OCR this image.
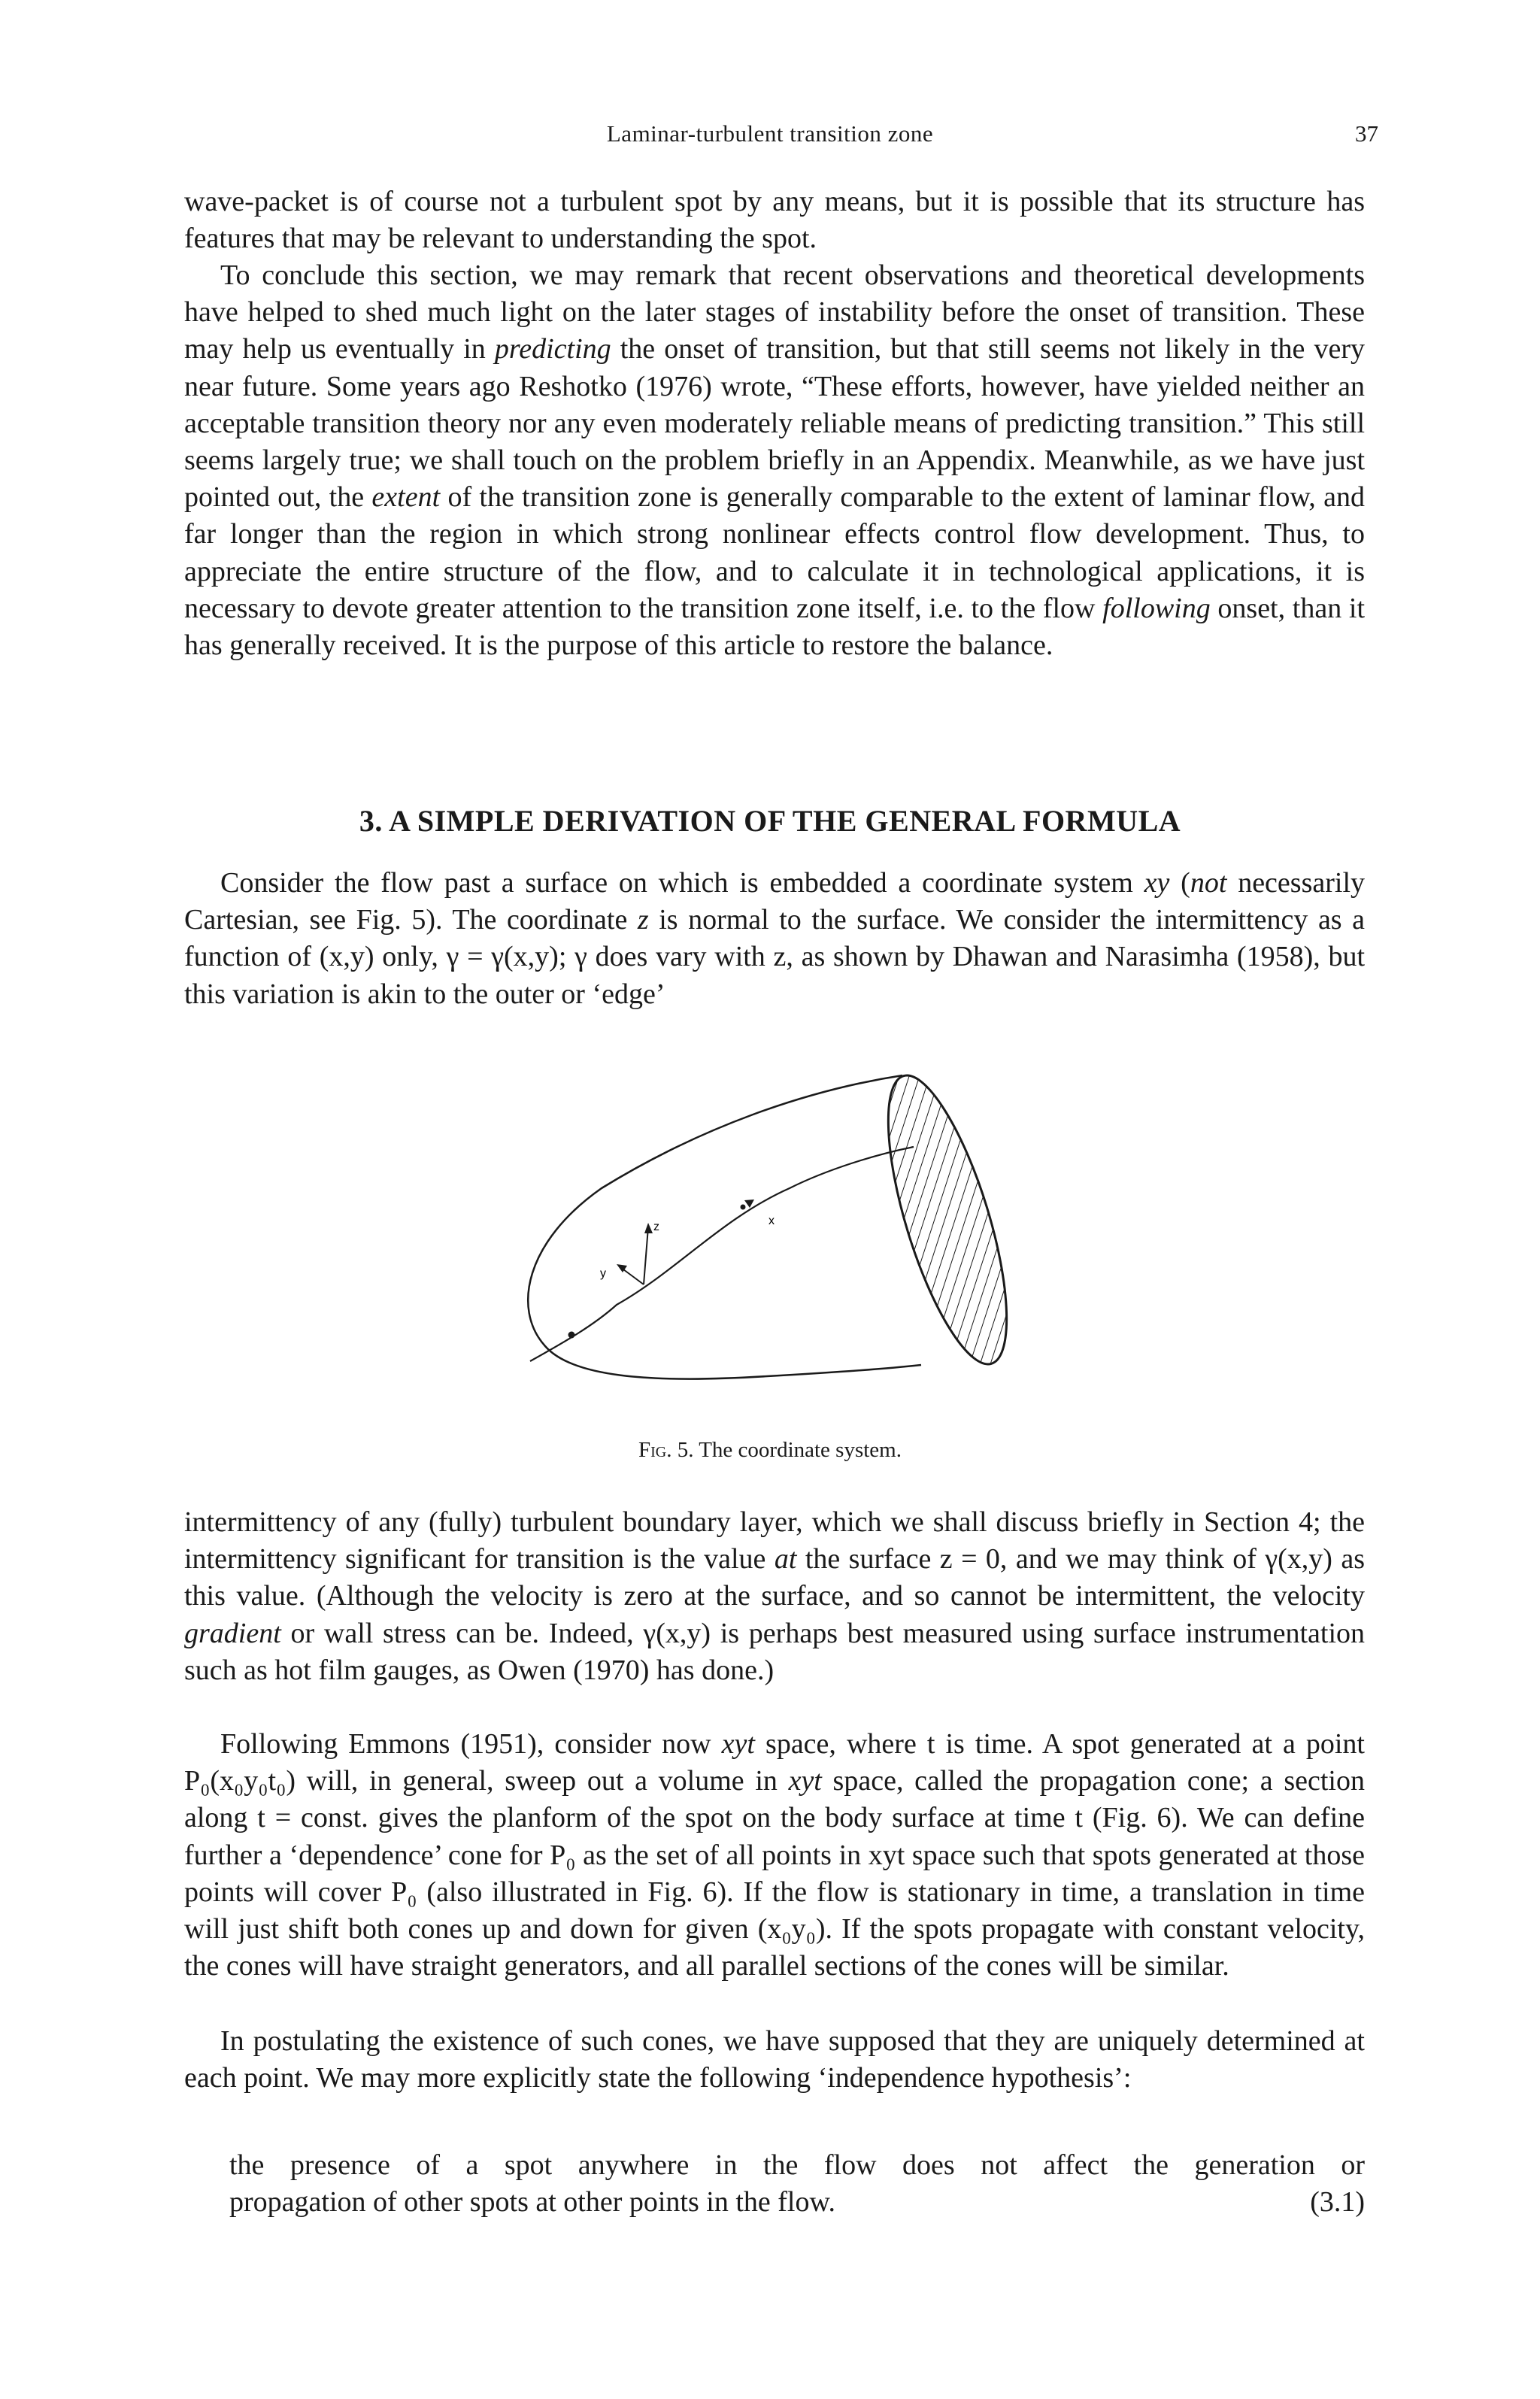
Laminar-turbulent transition zone	37

wave-packet is of course not a turbulent spot by any means, but it is possible that its structure has features that may be relevant to understanding the spot.

To conclude this section, we may remark that recent observations and theoretical developments have helped to shed much light on the later stages of instability before the onset of transition. These may help us eventually in predicting the onset of transition, but that still seems not likely in the very near future. Some years ago Reshotko (1976) wrote, “These efforts, however, have yielded neither an acceptable transition theory nor any even moderately reliable means of predicting transition.” This still seems largely true; we shall touch on the problem briefly in an Appendix. Meanwhile, as we have just pointed out, the extent of the transition zone is generally comparable to the extent of laminar flow, and far longer than the region in which strong nonlinear effects control flow development. Thus, to appreciate the entire structure of the flow, and to calculate it in technological applications, it is necessary to devote greater attention to the transition zone itself, i.e. to the flow following onset, than it has generally received. It is the purpose of this article to restore the balance.

3. A SIMPLE DERIVATION OF THE GENERAL FORMULA

Consider the flow past a surface on which is embedded a coordinate system xy (not necessarily Cartesian, see Fig. 5). The coordinate z is normal to the surface. We consider the intermittency as a function of (x,y) only, γ = γ(x,y); γ does vary with z, as shown by Dhawan and Narasimha (1958), but this variation is akin to the outer or ‘edge’

z
y
x
Fig. 5. The coordinate system.

intermittency of any (fully) turbulent boundary layer, which we shall discuss briefly in Section 4; the intermittency significant for transition is the value at the surface z = 0, and we may think of γ(x,y) as this value. (Although the velocity is zero at the surface, and so cannot be intermittent, the velocity gradient or wall stress can be. Indeed, γ(x,y) is perhaps best measured using surface instrumentation such as hot film gauges, as Owen (1970) has done.)

Following Emmons (1951), consider now xyt space, where t is time. A spot generated at a point P₀(x₀y₀t₀) will, in general, sweep out a volume in xyt space, called the propagation cone; a section along t = const. gives the planform of the spot on the body surface at time t (Fig. 6). We can define further a ‘dependence’ cone for P₀ as the set of all points in xyt space such that spots generated at those points will cover P₀ (also illustrated in Fig. 6). If the flow is stationary in time, a translation in time will just shift both cones up and down for given (x₀y₀). If the spots propagate with constant velocity, the cones will have straight generators, and all parallel sections of the cones will be similar.

In postulating the existence of such cones, we have supposed that they are uniquely determined at each point. We may more explicitly state the following ‘independence hypothesis’:

the presence of a spot anywhere in the flow does not affect the generation or
propagation of other spots at other points in the flow.	(3.1)
